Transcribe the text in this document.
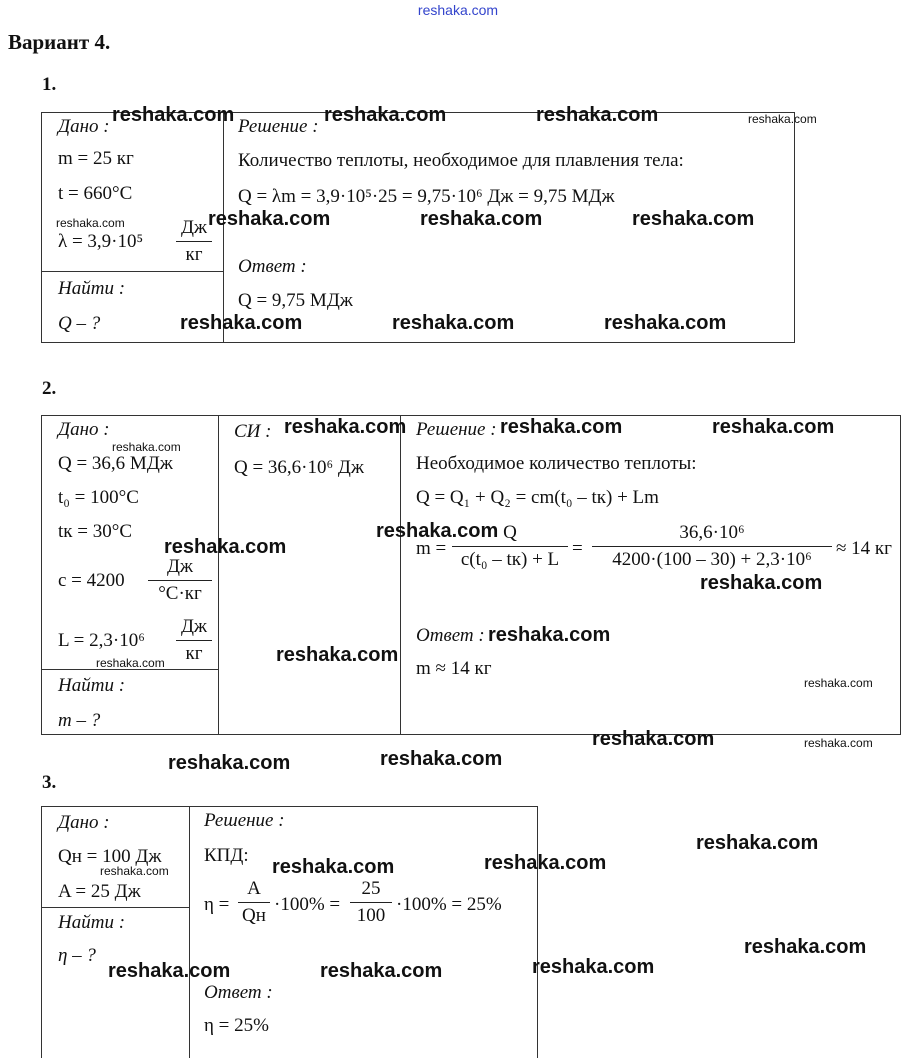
reshaka.com
Вариант 4.
1.
Дано :
m = 25 кг
t = 660°C
λ = 3,9·10⁵
Дж
кг
Найти :
Q – ?
Решение :
Количество теплоты, необходимое для плавления тела:
Q = λm = 3,9·10⁵·25 = 9,75·10⁶ Дж = 9,75 МДж
Ответ :
Q = 9,75 МДж
2.
Дано :
Q = 36,6 МДж
t₀ = 100°C
tк = 30°C
c = 4200
Дж
°C·кг
L = 2,3·10⁶
Дж
кг
Найти :
m – ?
СИ :
Q = 36,6·10⁶ Дж
Решение :
Необходимое количество теплоты:
Q = Q₁ + Q₂ = cm(t₀ – tк) + Lm
m =
Q
c(t₀ – tк) + L
=
36,6·10⁶
4200·(100 – 30) + 2,3·10⁶
≈ 14 кг
Ответ :
m ≈ 14 кг
3.
Дано :
Qн = 100 Дж
A = 25 Дж
Найти :
η – ?
Решение :
КПД:
η =
A
Qн
·100% =
25
100
·100% = 25%
Ответ :
η = 25%
reshaka.com	reshaka.com	reshaka.com	reshaka.com
reshaka.com	reshaka.com	reshaka.com	reshaka.com
reshaka.com	reshaka.com	reshaka.com
reshaka.com	reshaka.com	reshaka.com
reshaka.com
reshaka.com
reshaka.com
reshaka.com
reshaka.com
reshaka.com
reshaka.com
reshaka.com
reshaka.com	reshaka.com
reshaka.com
reshaka.com
reshaka.com
reshaka.com
reshaka.com
reshaka.com
reshaka.com
reshaka.com
reshaka.com
reshaka.com
